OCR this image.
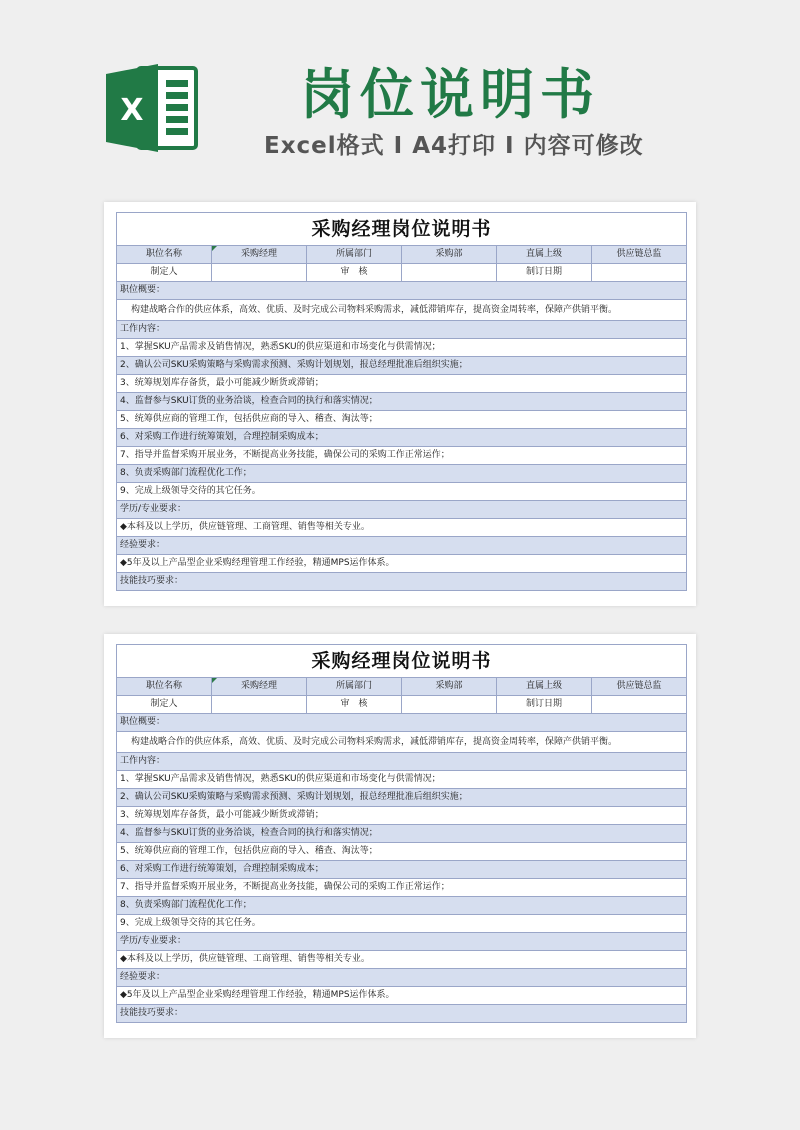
X	岗位说明书
Excel格式 I A4打印 I 内容可修改
采购经理岗位说明书					
职位名称	采购经理	所属部门	采购部	直属上级	供应链总监
制定人		审　核		制订日期	
职位概要：					
构建战略合作的供应体系，高效、优质、及时完成公司物料采购需求，减低滞销库存，提高资金周转率，保障产供销平衡。					
工作内容：					
1、掌握SKU产品需求及销售情况，熟悉SKU的供应渠道和市场变化与供需情况；					
2、确认公司SKU采购策略与采购需求预测、采购计划规划，报总经理批准后组织实施；					
3、统筹规划库存备货，最小可能减少断货或滞销；					
4、监督参与SKU订货的业务洽谈，检查合同的执行和落实情况；					
5、统筹供应商的管理工作，包括供应商的导入、稽查、淘汰等；					
6、对采购工作进行统筹策划，合理控制采购成本；					
7、指导并监督采购开展业务，不断提高业务技能，确保公司的采购工作正常运作；					
8、负责采购部门流程优化工作；					
9、完成上级领导交待的其它任务。					
学历/专业要求：					
◆本科及以上学历，供应链管理、工商管理、销售等相关专业。					
经验要求：					
◆5年及以上产品型企业采购经理管理工作经验，精通MPS运作体系。					
技能技巧要求：					
采购经理岗位说明书					
职位名称	采购经理	所属部门	采购部	直属上级	供应链总监
制定人		审　核		制订日期	
职位概要：					
构建战略合作的供应体系，高效、优质、及时完成公司物料采购需求，减低滞销库存，提高资金周转率，保障产供销平衡。					
工作内容：					
1、掌握SKU产品需求及销售情况，熟悉SKU的供应渠道和市场变化与供需情况；					
2、确认公司SKU采购策略与采购需求预测、采购计划规划，报总经理批准后组织实施；					
3、统筹规划库存备货，最小可能减少断货或滞销；					
4、监督参与SKU订货的业务洽谈，检查合同的执行和落实情况；					
5、统筹供应商的管理工作，包括供应商的导入、稽查、淘汰等；					
6、对采购工作进行统筹策划，合理控制采购成本；					
7、指导并监督采购开展业务，不断提高业务技能，确保公司的采购工作正常运作；					
8、负责采购部门流程优化工作；					
9、完成上级领导交待的其它任务。					
学历/专业要求：					
◆本科及以上学历，供应链管理、工商管理、销售等相关专业。					
经验要求：					
◆5年及以上产品型企业采购经理管理工作经验，精通MPS运作体系。					
技能技巧要求：					
